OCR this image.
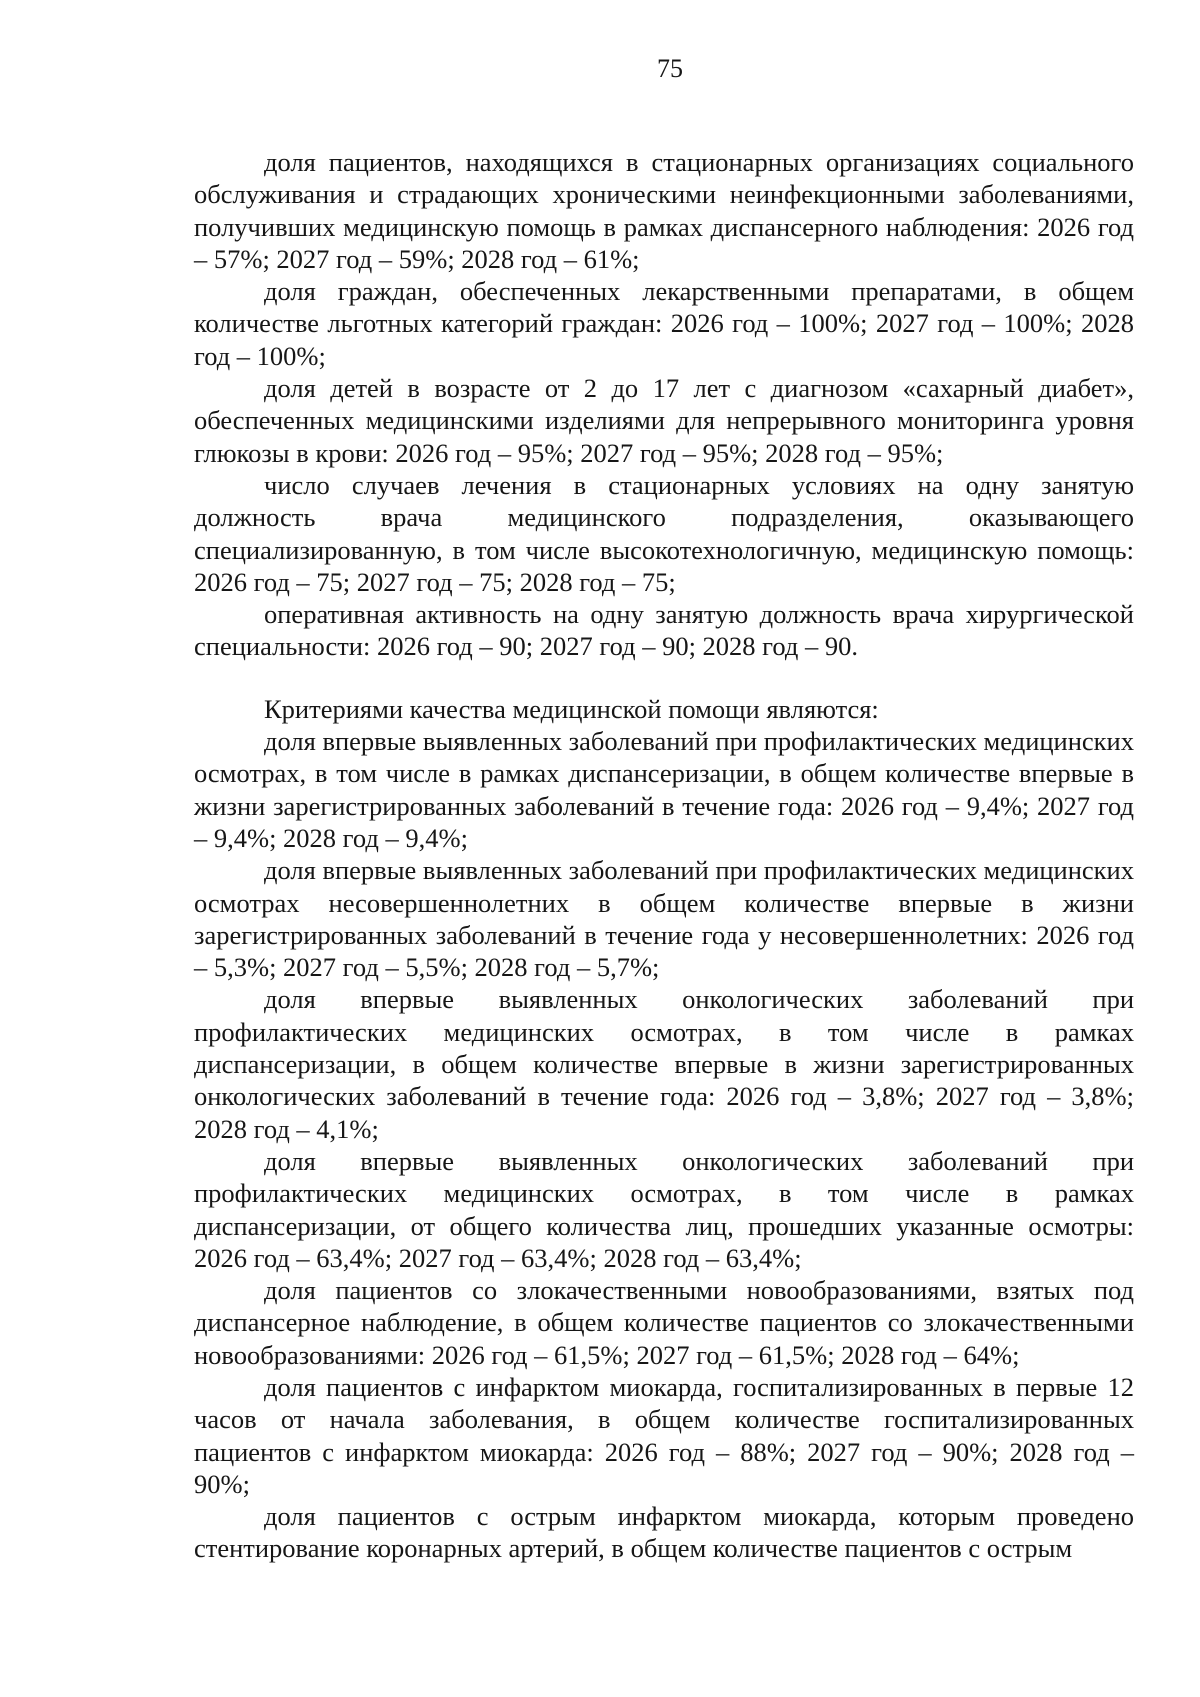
75

доля пациентов, находящихся в стационарных организациях социального обслуживания и страдающих хроническими неинфекционными заболеваниями, получивших медицинскую помощь в рамках диспансерного наблюдения: 2026 год – 57%; 2027 год – 59%; 2028 год – 61%;

доля граждан, обеспеченных лекарственными препаратами, в общем количестве льготных категорий граждан: 2026 год – 100%; 2027 год – 100%; 2028 год – 100%;

доля детей в возрасте от 2 до 17 лет с диагнозом «сахарный диабет», обеспеченных медицинскими изделиями для непрерывного мониторинга уровня глюкозы в крови: 2026 год – 95%; 2027 год – 95%; 2028 год – 95%;

число случаев лечения в стационарных условиях на одну занятую должность врача медицинского подразделения, оказывающего специализированную, в том числе высокотехнологичную, медицинскую помощь: 2026 год – 75; 2027 год – 75; 2028 год – 75;

оперативная активность на одну занятую должность врача хирургической специальности: 2026 год – 90; 2027 год – 90; 2028 год – 90.

Критериями качества медицинской помощи являются:

доля впервые выявленных заболеваний при профилактических медицинских осмотрах, в том числе в рамках диспансеризации, в общем количестве впервые в жизни зарегистрированных заболеваний в течение года: 2026 год – 9,4%; 2027 год – 9,4%; 2028 год – 9,4%;

доля впервые выявленных заболеваний при профилактических медицинских осмотрах несовершеннолетних в общем количестве впервые в жизни зарегистрированных заболеваний в течение года у несовершеннолетних: 2026 год – 5,3%; 2027 год – 5,5%; 2028 год – 5,7%;

доля впервые выявленных онкологических заболеваний при профилактических медицинских осмотрах, в том числе в рамках диспансеризации, в общем количестве впервые в жизни зарегистрированных онкологических заболеваний в течение года: 2026 год – 3,8%; 2027 год – 3,8%; 2028 год – 4,1%;

доля впервые выявленных онкологических заболеваний при профилактических медицинских осмотрах, в том числе в рамках диспансеризации, от общего количества лиц, прошедших указанные осмотры: 2026 год – 63,4%; 2027 год – 63,4%; 2028 год – 63,4%;

доля пациентов со злокачественными новообразованиями, взятых под диспансерное наблюдение, в общем количестве пациентов со злокачественными новообразованиями: 2026 год – 61,5%; 2027 год – 61,5%; 2028 год – 64%;

доля пациентов с инфарктом миокарда, госпитализированных в первые 12 часов от начала заболевания, в общем количестве госпитализированных пациентов с инфарктом миокарда: 2026 год – 88%; 2027 год – 90%; 2028 год – 90%;

доля пациентов с острым инфарктом миокарда, которым проведено стентирование коронарных артерий, в общем количестве пациентов с острым
